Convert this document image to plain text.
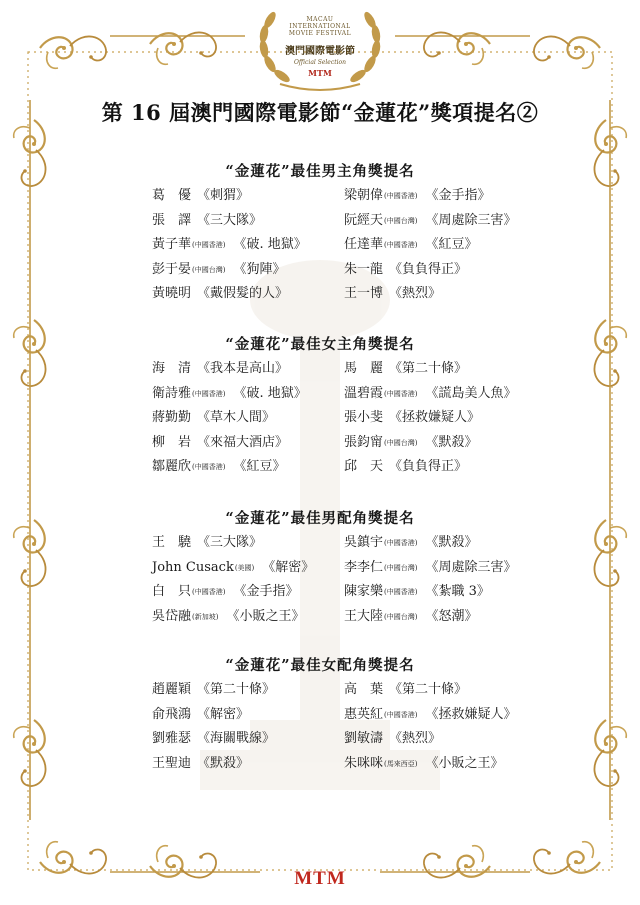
MACAU
INTERNATIONAL
MOVIE FESTIVAL
澳門國際電影節
Official Selection
MTM
第 16 屆澳門國際電影節“金蓮花”獎項提名②
“金蓮花”最佳男主角獎提名
葛　優 《刺猬》
張　譯 《三大隊》
黃子華(中國香港) 《破. 地獄》
彭于晏(中國台灣) 《狗陣》
黃曉明 《戴假髮的人》
梁朝偉(中國香港) 《金手指》
阮經天(中國台灣) 《周處除三害》
任達華(中國香港) 《紅豆》
朱一龍 《負負得正》
王一博 《熱烈》
“金蓮花”最佳女主角獎提名
海　清 《我本是高山》
衛詩雅(中國香港) 《破. 地獄》
蔣勤勤 《草木人間》
柳　岩 《來福大酒店》
鄒麗欣(中國香港) 《紅豆》
馬　麗 《第二十條》
溫碧霞(中國香港) 《謊島美人魚》
張小斐 《拯救嫌疑人》
張鈞甯(中國台灣) 《默殺》
邱　天 《負負得正》
“金蓮花”最佳男配角獎提名
王　驍 《三大隊》
John Cusack(美國) 《解密》
白　只(中國香港) 《金手指》
吳岱融(新加坡) 《小販之王》
吳鎮宇(中國香港) 《默殺》
李李仁(中國台灣) 《周處除三害》
陳家樂(中國香港) 《紮職 3》
王大陸(中國台灣) 《怒潮》
“金蓮花”最佳女配角獎提名
趙麗穎 《第二十條》
俞飛鴻 《解密》
劉雅瑟 《海關戰線》
王聖迪 《默殺》
高　葉 《第二十條》
惠英紅(中國香港) 《拯救嫌疑人》
劉敏濤 《熱烈》
朱咪咪(馬來西亞) 《小販之王》
MTM
